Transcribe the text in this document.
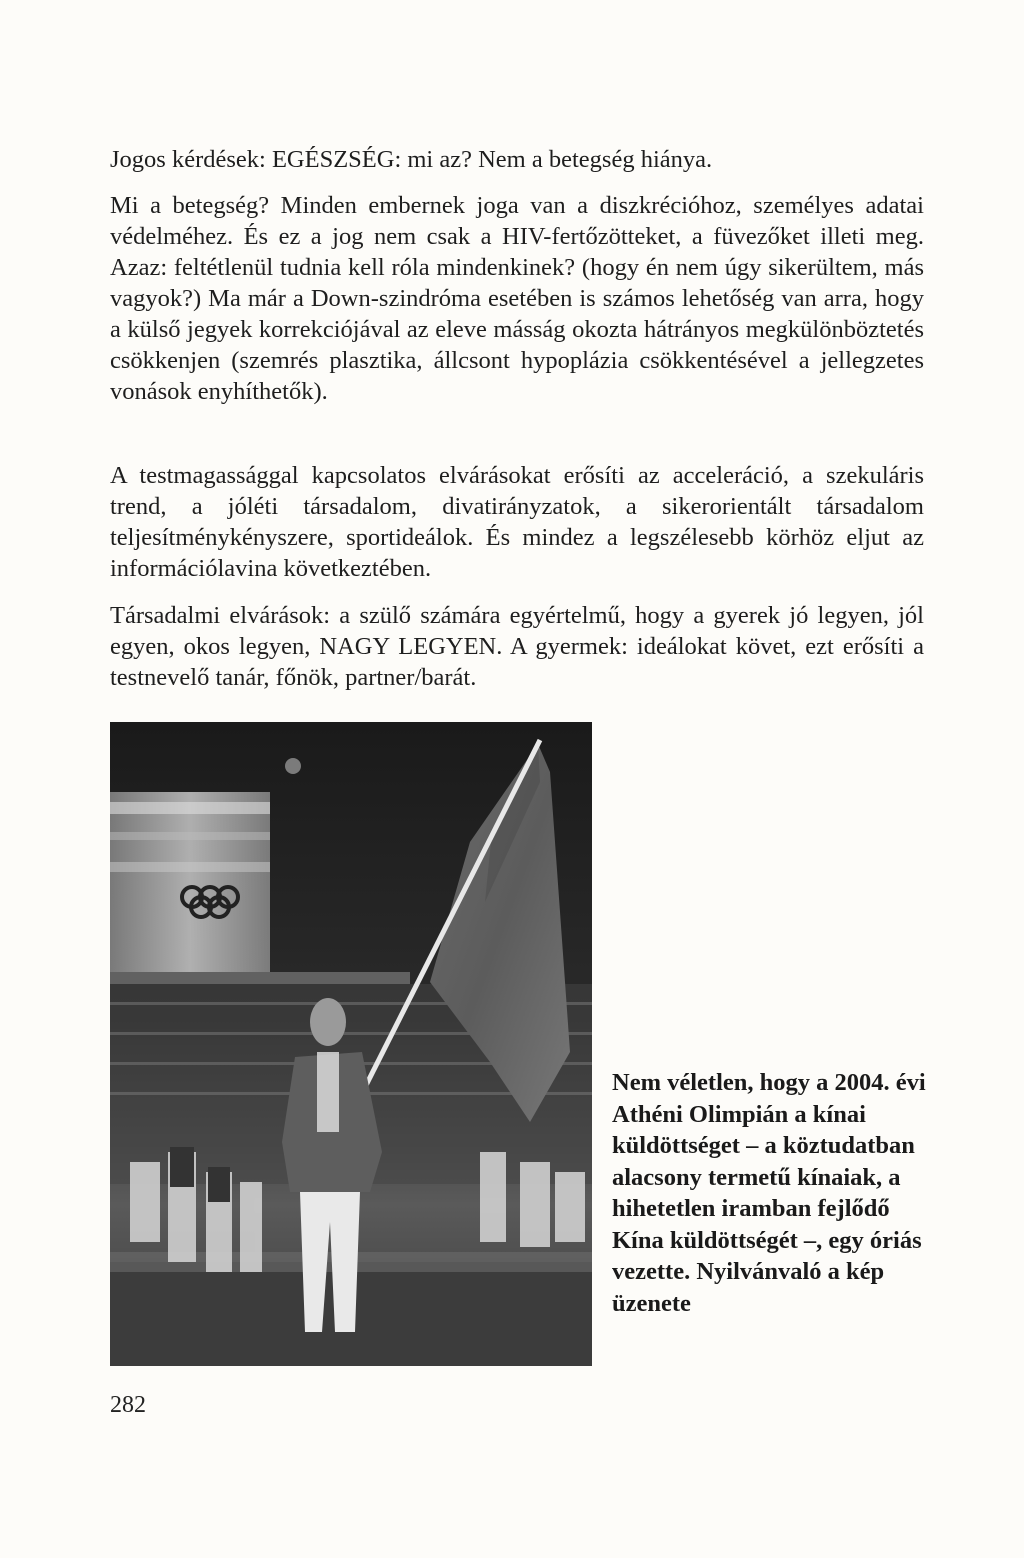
Jogos kérdések: EGÉSZSÉG: mi az? Nem a betegség hiánya.

Mi a betegség? Minden embernek joga van a diszkrécióhoz, személyes adatai védelméhez. És ez a jog nem csak a HIV-fertőzötteket, a füvezőket illeti meg. Azaz: feltétlenül tudnia kell róla mindenkinek? (hogy én nem úgy sikerültem, más vagyok?) Ma már a Down-szindróma esetében is számos lehetőség van arra, hogy a külső jegyek korrekciójával az eleve másság okozta hátrányos megkülönböztetés csökkenjen (szemrés plasztika, állcsont hypoplázia csökkentésével a jellegzetes vonások enyhíthetők).

A testmagassággal kapcsolatos elvárásokat erősíti az acceleráció, a szekuláris trend, a jóléti társadalom, divatirányzatok, a sikerorientált társadalom teljesítménykényszere, sportideálok. És mindez a legszélesebb körhöz eljut az információlavina következtében.

Társadalmi elvárások: a szülő számára egyértelmű, hogy a gyerek jó legyen, jól egyen, okos legyen, NAGY LEGYEN. A gyermek: ideálokat követ, ezt erősíti a testnevelő tanár, főnök, partner/barát.

Nem véletlen, hogy a 2004. évi Athéni Olimpián a kínai küldöttséget – a köztudatban alacsony termetű kínaiak, a hihetetlen iramban fejlődő Kína küldöttségét –, egy óriás vezette. Nyilvánvaló a kép üzenete

282
